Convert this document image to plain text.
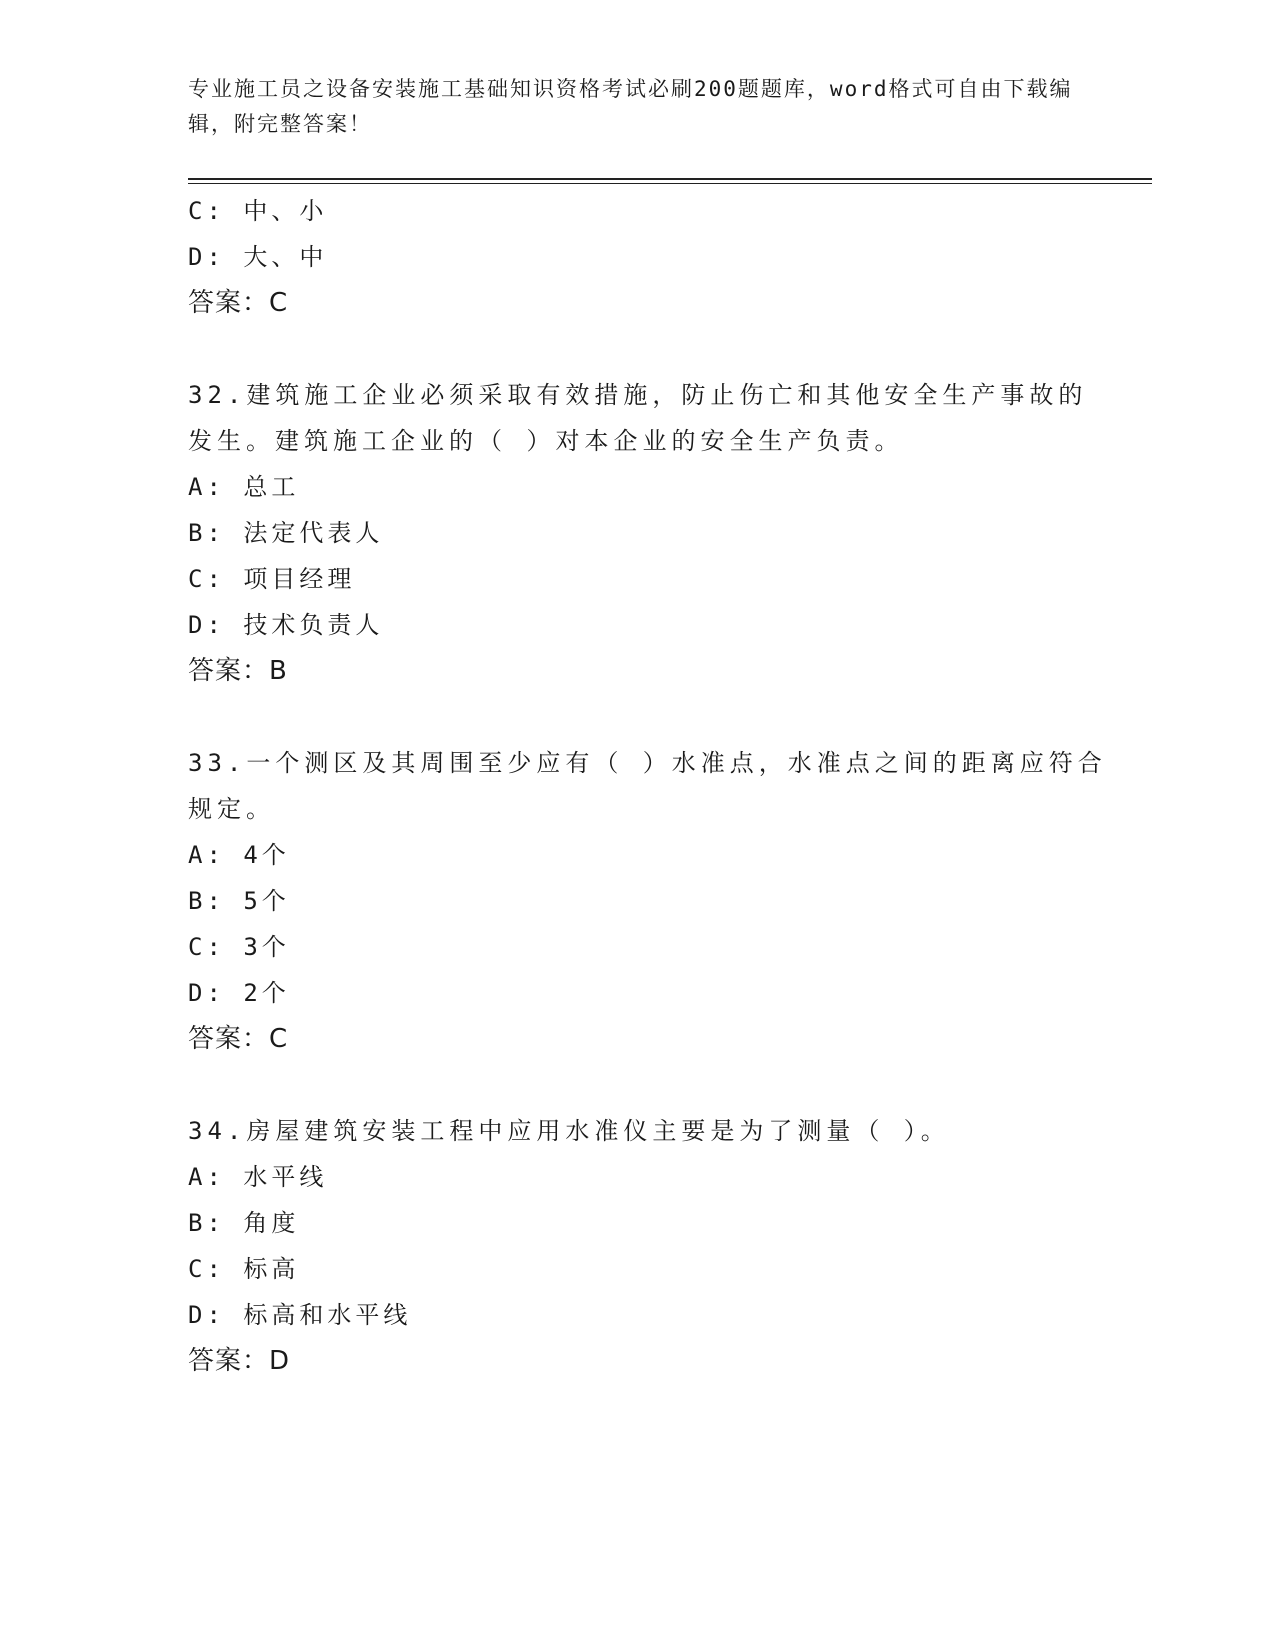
专业施工员之设备安装施工基础知识资格考试必刷200题题库，word格式可自由下载编辑，附完整答案！
C: 中、小
D: 大、中
答案：C
32.建筑施工企业必须采取有效措施，防止伤亡和其他安全生产事故的发生。建筑施工企业的（ ）对本企业的安全生产负责。
A: 总工
B: 法定代表人
C: 项目经理
D: 技术负责人
答案：B
33.一个测区及其周围至少应有（ ）水准点，水准点之间的距离应符合规定。
A: 4个
B: 5个
C: 3个
D: 2个
答案：C
34.房屋建筑安装工程中应用水准仪主要是为了测量（ ）。
A: 水平线
B: 角度
C: 标高
D: 标高和水平线
答案：D
